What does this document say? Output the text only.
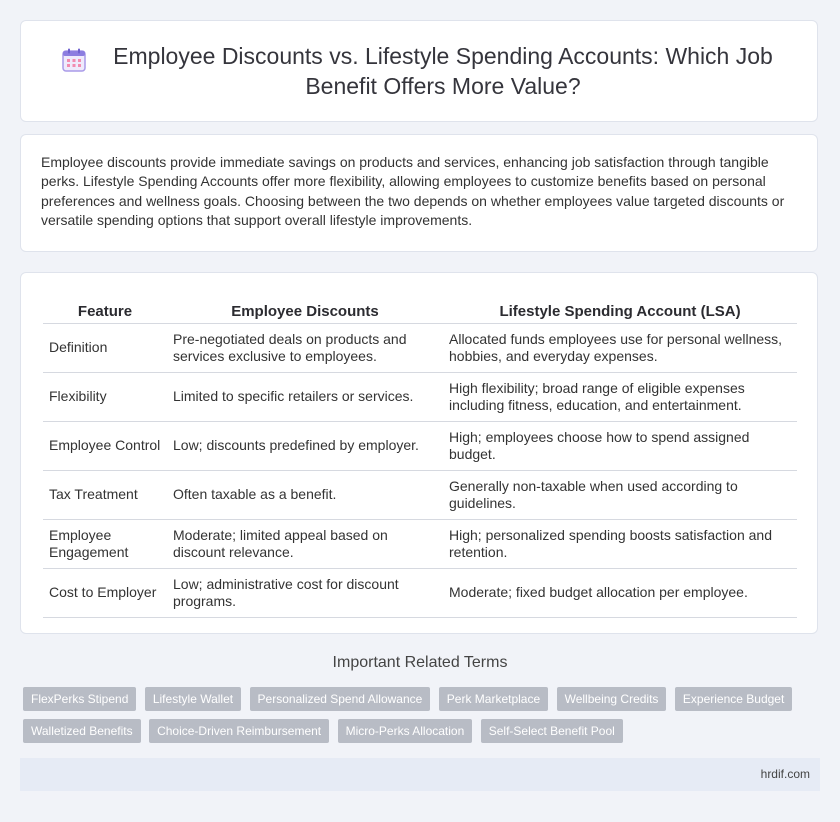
Employee Discounts vs. Lifestyle Spending Accounts: Which Job Benefit Offers More Value?

Employee discounts provide immediate savings on products and services, enhancing job satisfaction through tangible perks. Lifestyle Spending Accounts offer more flexibility, allowing employees to customize benefits based on personal preferences and wellness goals. Choosing between the two depends on whether employees value targeted discounts or versatile spending options that support overall lifestyle improvements.

Feature	Employee Discounts	Lifestyle Spending Account (LSA)
Definition	Pre-negotiated deals on products and services exclusive to employees.	Allocated funds employees use for personal wellness, hobbies, and everyday expenses.
Flexibility	Limited to specific retailers or services.	High flexibility; broad range of eligible expenses including fitness, education, and entertainment.
Employee Control	Low; discounts predefined by employer.	High; employees choose how to spend assigned budget.
Tax Treatment	Often taxable as a benefit.	Generally non-taxable when used according to guidelines.
Employee Engagement	Moderate; limited appeal based on discount relevance.	High; personalized spending boosts satisfaction and retention.
Cost to Employer	Low; administrative cost for discount programs.	Moderate; fixed budget allocation per employee.
Important Related Terms
FlexPerks Stipend Lifestyle Wallet Personalized Spend Allowance Perk Marketplace Wellbeing Credits Experience Budget Walletized Benefits Choice-Driven Reimbursement Micro-Perks Allocation Self-Select Benefit Pool
hrdif.com
